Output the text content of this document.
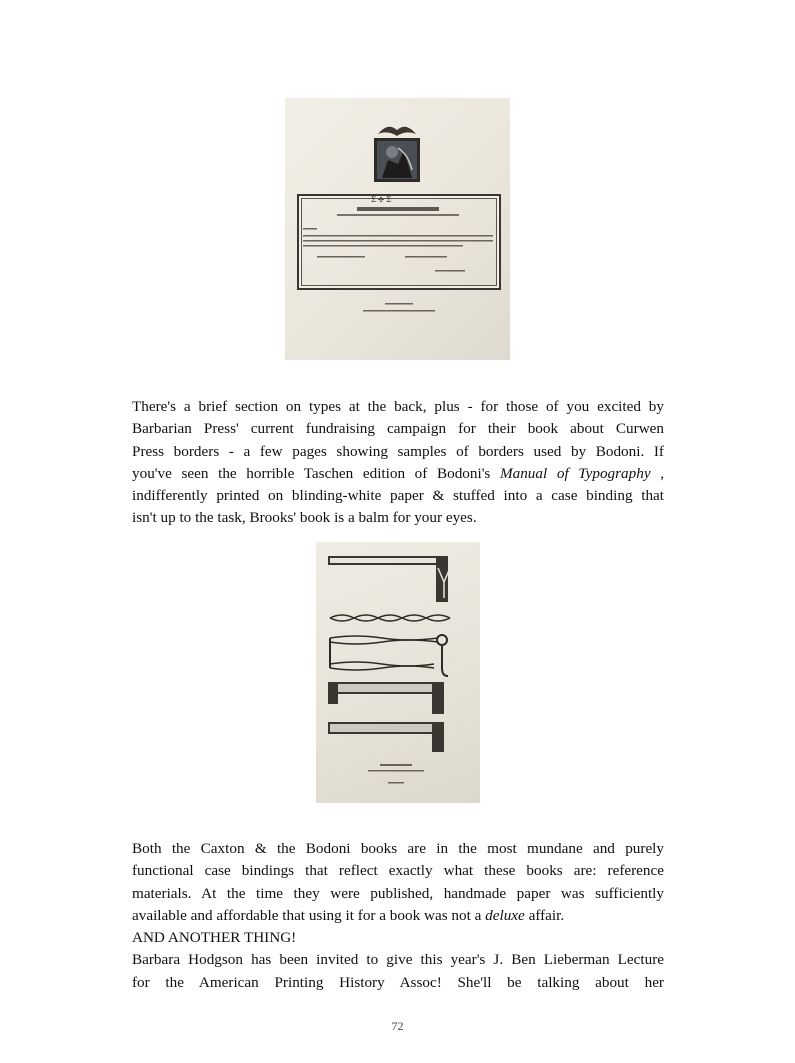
Σ ✣ Σ
There's a brief section on types at the back, plus - for those of you excited by
Barbarian Press' current fundraising campaign for their book about Curwen
Press borders - a few pages showing samples of borders used by Bodoni. If
you've seen the horrible Taschen edition of Bodoni's Manual of Typography ,
indifferently printed on blinding-white paper & stuffed into a case binding that
isn't up to the task, Brooks' book is a balm for your eyes.
Both the Caxton & the Bodoni books are in the most mundane and purely
functional case bindings that reflect exactly what these books are: reference
materials. At the time they were published, handmade paper was sufficiently
available and affordable that using it for a book was not a deluxe affair.
AND ANOTHER THING!
Barbara Hodgson has been invited to give this year's J. Ben Lieberman Lecture
for the American Printing History Assoc! She'll be talking about her
72
